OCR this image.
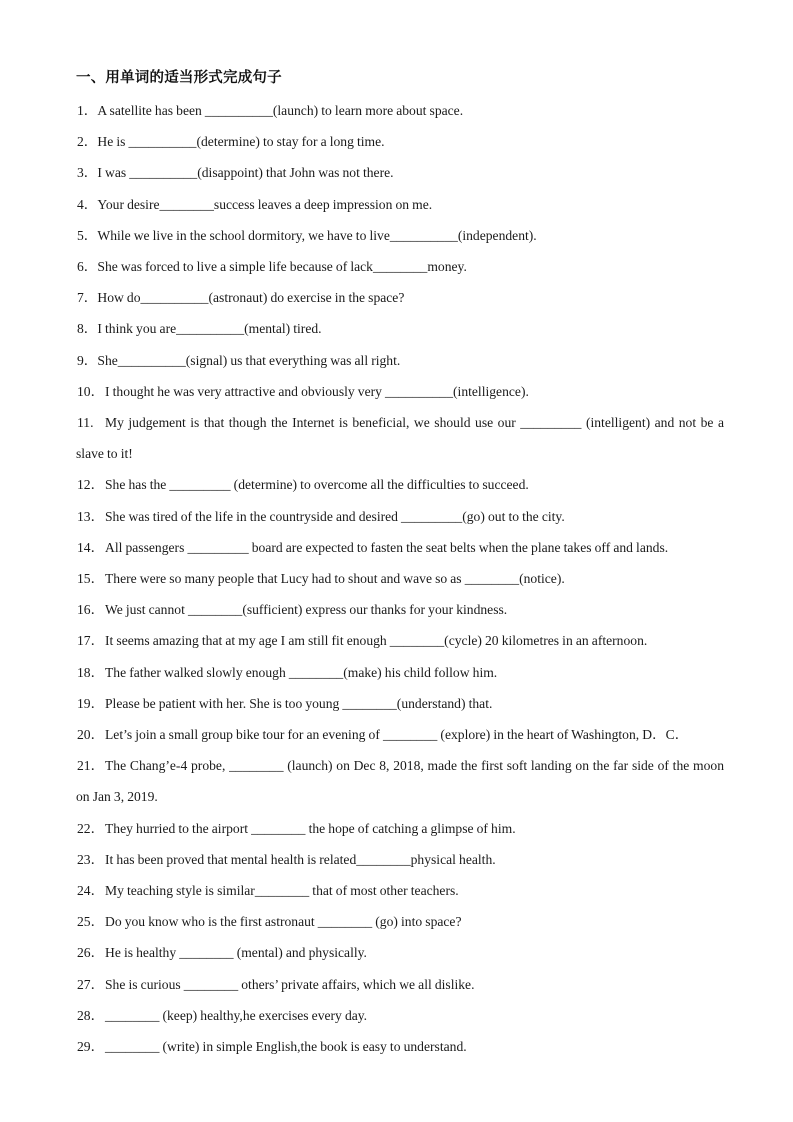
一、用单词的适当形式完成句子
1．A satellite has been __________(launch) to learn more about space.
2．He is __________(determine) to stay for a long time.
3．I was __________(disappoint) that John was not there.
4．Your desire________success leaves a deep impression on me.
5．While we live in the school dormitory, we have to live__________(independent).
6．She was forced to live a simple life because of lack________money.
7．How do__________(astronaut) do exercise in the space?
8．I think you are__________(mental) tired.
9．She__________(signal) us that everything was all right.
10．I thought he was very attractive and obviously very __________(intelligence).
11. My judgement is that though the Internet is beneficial, we should use our _________ (intelligent) and not be a slave to it!
12．She has the _________ (determine) to overcome all the difficulties to succeed.
13．She was tired of the life in the countryside and desired _________(go) out to the city.
14．All passengers _________ board are expected to fasten the seat belts when the plane takes off and lands.
15．There were so many people that Lucy had to shout and wave so as ________(notice).
16．We just cannot ________(sufficient) express our thanks for your kindness.
17．It seems amazing that at my age I am still fit enough ________(cycle) 20 kilometres in an afternoon.
18．The father walked slowly enough ________(make) his child follow him.
19．Please be patient with her. She is too young ________(understand) that.
20．Let’s join a small group bike tour for an evening of ________ (explore) in the heart of Washington, D．C．
21．The Chang’e-4 probe, ________ (launch) on Dec 8, 2018, made the first soft landing on the far side of the moon on Jan 3, 2019.
22．They hurried to the airport ________ the hope of catching a glimpse of him.
23．It has been proved that mental health is related________physical health.
24．My teaching style is similar________ that of most other teachers.
25．Do you know who is the first astronaut ________ (go) into space?
26．He is healthy ________ (mental) and physically.
27．She is curious ________ others’ private affairs, which we all dislike.
28．________ (keep) healthy,he exercises every day.
29．________ (write) in simple English,the book is easy to understand.
